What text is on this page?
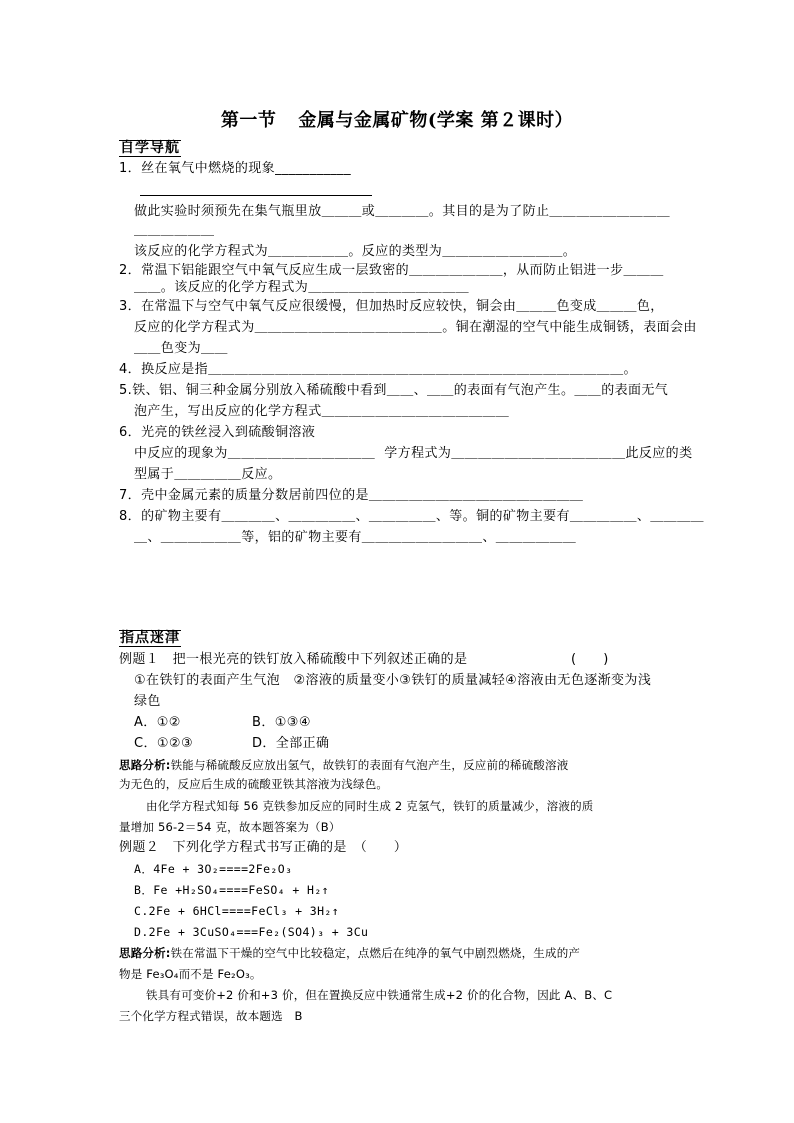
第一节 金属与金属矿物(学案 第２课时）
自学导航
1．丝在氧气中燃烧的现象___________
做此实验时须预先在集气瓶里放＿＿＿或＿＿＿＿。其目的是为了防止＿＿＿＿＿＿＿＿＿
＿＿＿＿＿＿
该反应的化学方程式为＿＿＿＿＿＿。反应的类型为＿＿＿＿＿＿＿＿＿。
2．常温下铝能跟空气中氧气反应生成一层致密的＿＿＿＿＿＿＿，从而防止铝进一步＿＿＿
＿＿。该反应的化学方程式为＿＿＿＿＿＿＿＿＿＿＿＿
3．在常温下与空气中氧气反应很缓慢，但加热时反应较快，铜会由＿＿＿色变成＿＿＿色，
反应的化学方程式为＿＿＿＿＿＿＿＿＿＿＿＿＿＿。铜在潮湿的空气中能生成铜锈，表面会由
＿＿色变为＿＿
4．换反应是指＿＿＿＿＿＿＿＿＿＿＿＿＿＿＿＿＿＿＿＿＿＿＿＿＿＿＿＿＿＿＿。
5.铁、铝、铜三种金属分别放入稀硫酸中看到＿＿、＿＿的表面有气泡产生。＿＿的表面无气
泡产生，写出反应的化学方程式＿＿＿＿＿＿＿＿＿＿＿＿＿＿
6．光亮的铁丝浸入到硫酸铜溶液
中反应的现象为＿＿＿＿＿＿＿＿＿＿＿  学方程式为＿＿＿＿＿＿＿＿＿＿＿＿＿此反应的类
型属于＿＿＿＿＿反应。
7．壳中金属元素的质量分数居前四位的是＿＿＿＿＿＿＿＿＿＿＿＿＿＿＿＿
8．的矿物主要有＿＿＿＿、＿＿＿＿＿、＿＿＿＿＿、等。铜的矿物主要有＿＿＿＿＿、＿＿＿＿
＿、＿＿＿＿＿＿等，铝的矿物主要有＿＿＿＿＿＿＿＿＿、＿＿＿＿＿＿
指点迷津
例题１　把一根光亮的铁钉放入稀硫酸中下列叙述正确的是	(　　)
①在铁钉的表面产生气泡　②溶液的质量变小③铁钉的质量减轻④溶液由无色逐渐变为浅
绿色
A．①②	B．①③④
C．①②③	D．全部正确
思路分析:铁能与稀硫酸反应放出氢气，故铁钉的表面有气泡产生，反应前的稀硫酸溶液
为无色的，反应后生成的硫酸亚铁其溶液为浅绿色。
由化学方程式知每 56 克铁参加反应的同时生成 2 克氢气，铁钉的质量减少，溶液的质
量增加 56-2＝54 克，故本题答案为（B）
例题２　下列化学方程式书写正确的是　（　　）
A．4Fe + 3O₂====2Fe₂O₃
B．Fe +H₂SO₄====FeSO₄ + H₂↑
C.2Fe + 6HCl====FeCl₃ + 3H₂↑
D.2Fe + 3CuSO₄===Fe₂(SO4)₃ + 3Cu
思路分析:铁在常温下干燥的空气中比较稳定，点燃后在纯净的氧气中剧烈燃烧，生成的产
物是 Fe₃O₄而不是 Fe₂O₃。
铁具有可变价+2 价和+3 价，但在置换反应中铁通常生成+2 价的化合物，因此 A、B、C
三个化学方程式错误，故本题选　B
